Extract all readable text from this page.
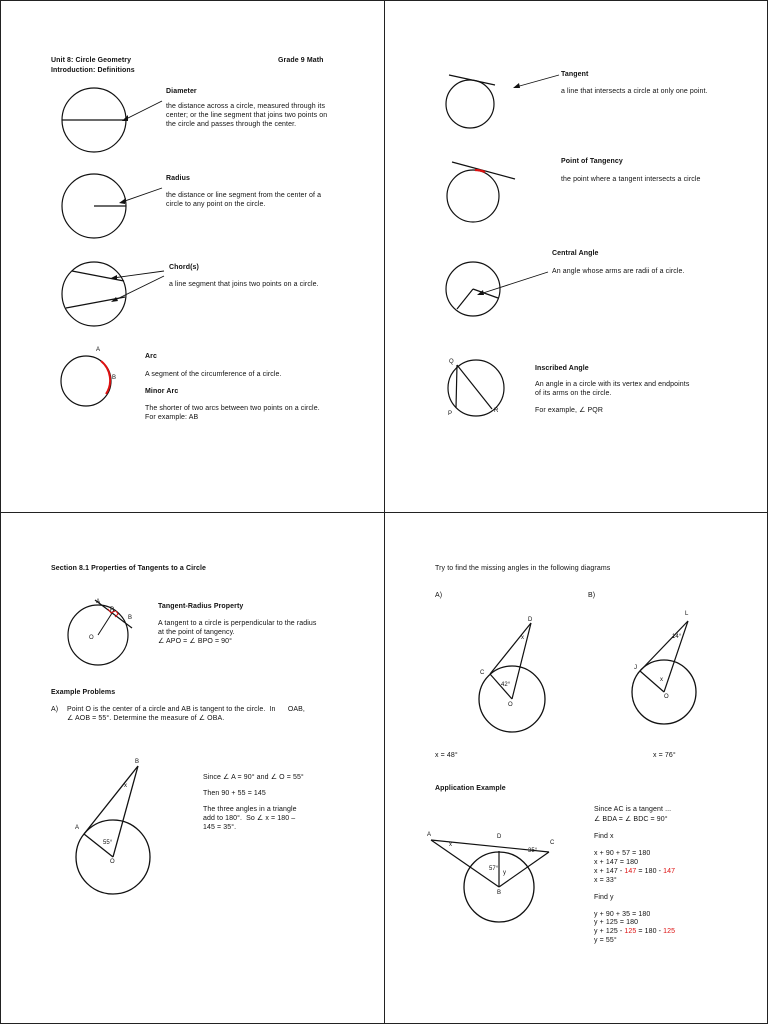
Unit 8: Circle Geometry
Introduction: Definitions
Grade 9 Math
Diameter
the distance across a circle, measured through its
center; or the line segment that joins two points on
the circle and passes through the center.
Radius
the distance or line segment from the center of a
circle to any point on the circle.
Chord(s)
a line segment that joins two points on a circle.
A
B
Arc
A segment of the circumference of a circle.
Minor Arc
The shorter of two arcs between two points on a circle.
For example: AB
Tangent
a line that intersects a circle at only one point.
Point of Tangency
the point where a tangent intersects a circle
Central Angle
An angle whose arms are radii of a circle.
Q
P	R
Inscribed Angle
An angle in a circle with its vertex and endpoints
of its arms on the circle.
For example, ∠ PQR
Section 8.1 Properties of Tangents to a Circle
A
P
B
O
Tangent-Radius Property
A tangent to a circle is perpendicular to the radius
at the point of tangency.
∠ APO = ∠ BPO = 90°
Example Problems
A) Point O is the center of a circle and AB is tangent to the circle.  In      OAB,
∠ AOB = 55°. Determine the measure of ∠ OBA.
B
x
A
55°
O
Since ∠ A = 90° and ∠ O = 55°
Then 90 + 55 = 145
The three angles in a triangle
add to 180°.  So ∠ x = 180 –
145 = 35°.
Try to find the missing angles in the following diagrams
A)	B)
D
x
C
42°
O
L
14°
J
x
O
x = 48°	x = 76°
Application Example
A	D
C
x
35°
57°
y
B
Since AC is a tangent ...
∠ BDA = ∠ BDC = 90°
Find x
x + 90 + 57 = 180
x + 147 = 180
x + 147 - 147 = 180 - 147
x = 33°
Find y
y + 90 + 35 = 180
y + 125 = 180
y + 125 - 125 = 180 - 125
y = 55°
